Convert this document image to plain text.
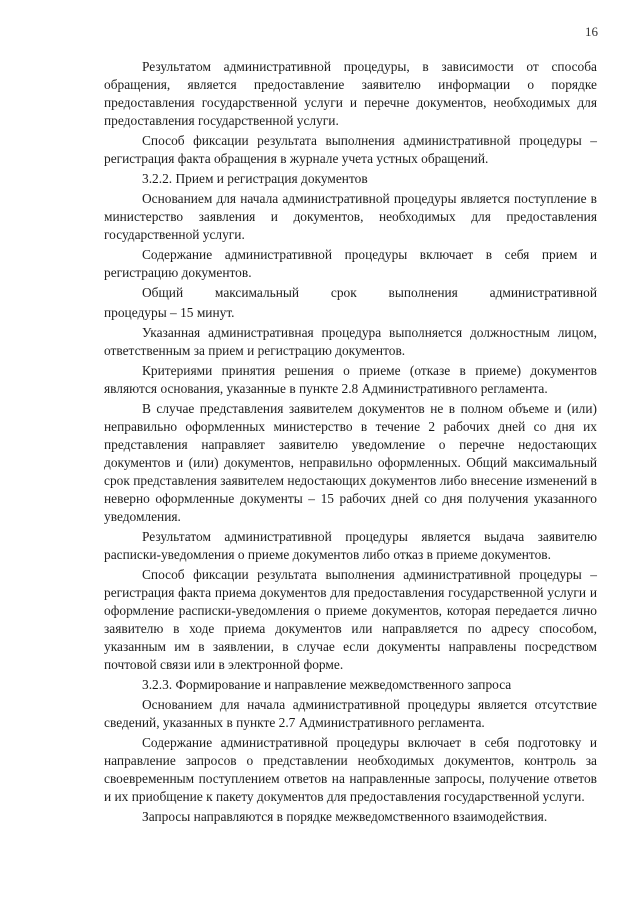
16

Результатом административной процедуры, в зависимости от способа обращения, является предоставление заявителю информации о порядке предоставления государственной услуги и перечне документов, необходимых для предоставления государственной услуги.

Способ фиксации результата выполнения административной процедуры – регистрация факта обращения в журнале учета устных обращений.

3.2.2. Прием и регистрация документов

Основанием для начала административной процедуры является поступление в министерство заявления и документов, необходимых для предоставления государственной услуги.

Содержание административной процедуры включает в себя прием и регистрацию документов.

Общий максимальный срок выполнения административной

процедуры – 15 минут.

Указанная административная процедура выполняется должностным лицом, ответственным за прием и регистрацию документов.

Критериями принятия решения о приеме (отказе в приеме) документов являются основания, указанные в пункте 2.8 Административного регламента.

В случае представления заявителем документов не в полном объеме и (или) неправильно оформленных министерство в течение 2 рабочих дней со дня их представления направляет заявителю уведомление о перечне недостающих документов и (или) документов, неправильно оформленных. Общий максимальный срок представления заявителем недостающих документов либо внесение изменений в неверно оформленные документы – 15 рабочих дней со дня получения указанного уведомления.

Результатом административной процедуры является выдача заявителю расписки-уведомления о приеме документов либо отказ в приеме документов.

Способ фиксации результата выполнения административной процедуры – регистрация факта приема документов для предоставления государственной услуги и оформление расписки-уведомления о приеме документов, которая передается лично заявителю в ходе приема документов или направляется по адресу способом, указанным им в заявлении, в случае если документы направлены посредством почтовой связи или в электронной форме.

3.2.3. Формирование и направление межведомственного запроса

Основанием для начала административной процедуры является отсутствие сведений, указанных в пункте 2.7 Административного регламента.

Содержание административной процедуры включает в себя подготовку и направление запросов о представлении необходимых документов, контроль за своевременным поступлением ответов на направленные запросы, получение ответов и их приобщение к пакету документов для предоставления государственной услуги.

Запросы направляются в порядке межведомственного взаимодействия.
